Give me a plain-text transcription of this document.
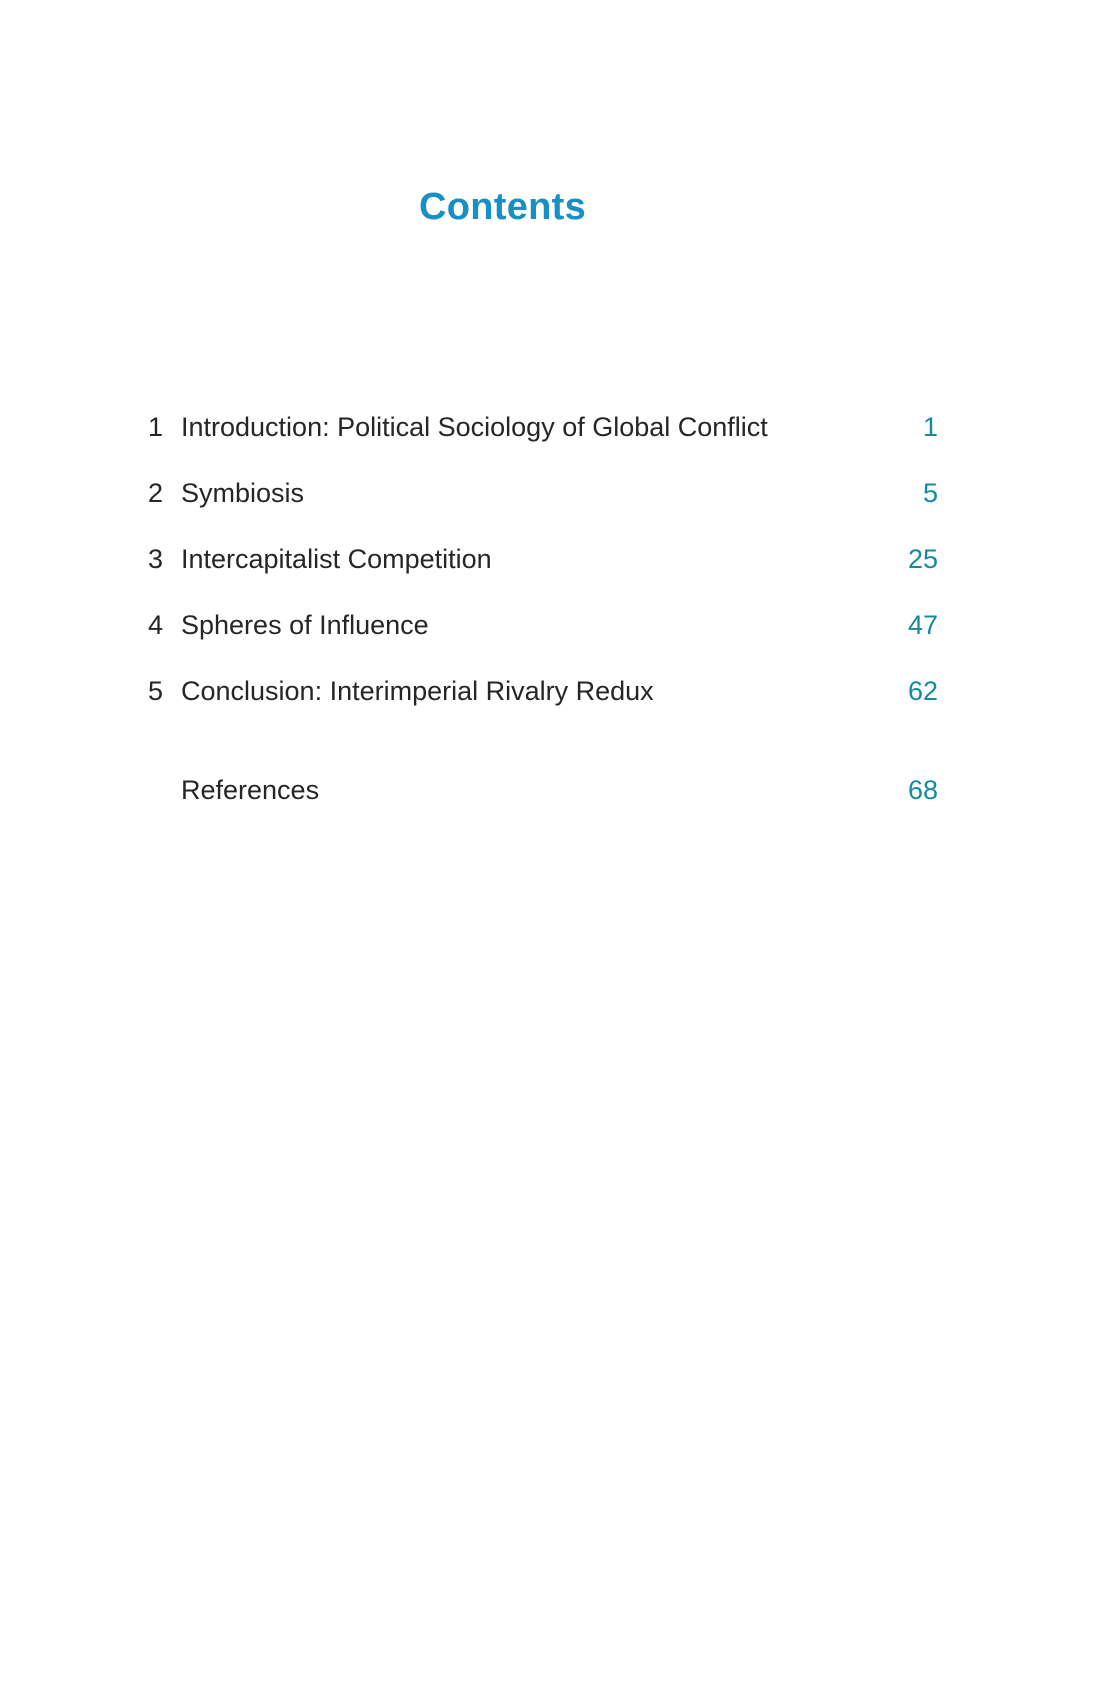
Contents
1 Introduction: Political Sociology of Global Conflict	1
2 Symbiosis	5
3 Intercapitalist Competition	25
4 Spheres of Influence	47
5 Conclusion: Interimperial Rivalry Redux	62
References	68
